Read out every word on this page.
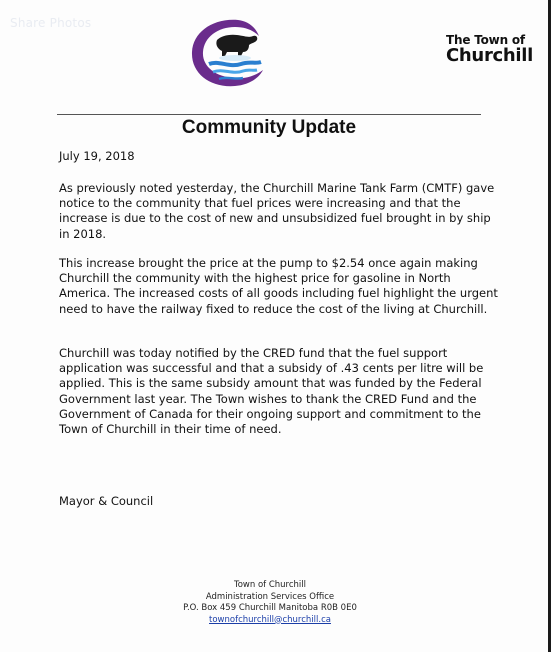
Share Photos
The Town of
Churchill
Community Update
July 19, 2018

As previously noted yesterday, the Churchill Marine Tank Farm (CMTF) gave notice to the community that fuel prices were increasing and that the increase is due to the cost of new and unsubsidized fuel brought in by ship in 2018.

This increase brought the price at the pump to $2.54 once again making Churchill the community with the highest price for gasoline in North America. The increased costs of all goods including fuel highlight the urgent need to have the railway fixed to reduce the cost of the living at Churchill.

Churchill was today notified by the CRED fund that the fuel support application was successful and that a subsidy of .43 cents per litre will be applied. This is the same subsidy amount that was funded by the Federal Government last year. The Town wishes to thank the CRED Fund and the Government of Canada for their ongoing support and commitment to the Town of Churchill in their time of need.

Mayor & Council
Town of Churchill
Administration Services Office
P.O. Box 459 Churchill Manitoba R0B 0E0
townofchurchill@churchill.ca
